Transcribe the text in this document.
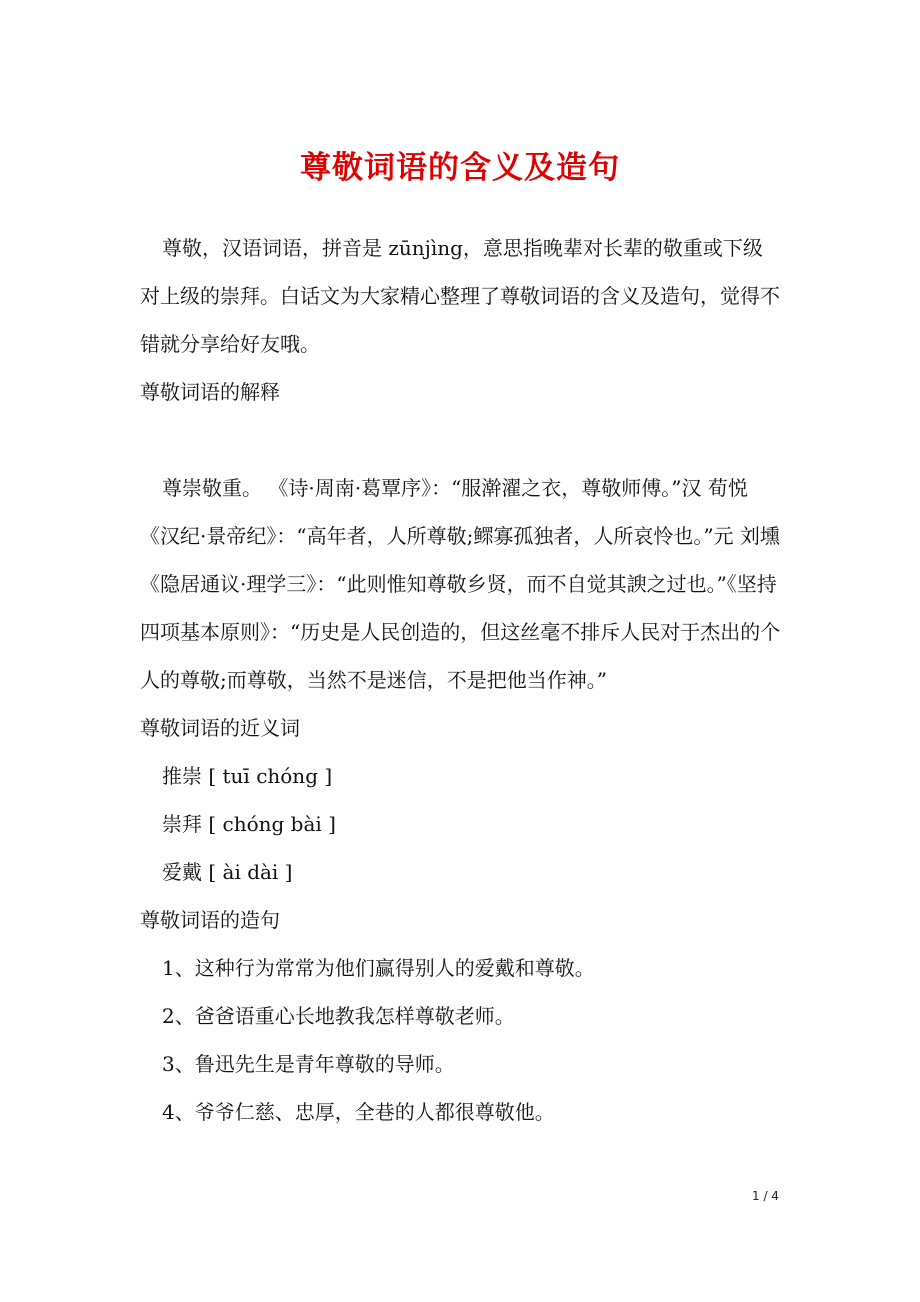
尊敬词语的含义及造句

尊敬，汉语词语，拼音是 zūnjìng，意思指晚辈对长辈的敬重或下级对上级的崇拜。白话文为大家精心整理了尊敬词语的含义及造句，觉得不错就分享给好友哦。

尊敬词语的解释

尊崇敬重。 《诗·周南·葛覃序》：“服澣濯之衣，尊敬师傅。”汉 荀悦 《汉纪·景帝纪》：“高年者，人所尊敬;鳏寡孤独者，人所哀怜也。”元 刘壎《隐居通议·理学三》：“此则惟知尊敬乡贤，而不自觉其諛之过也。”《坚持四项基本原则》：“历史是人民创造的，但这丝毫不排斥人民对于杰出的个人的尊敬;而尊敬，当然不是迷信，不是把他当作神。”

尊敬词语的近义词

推崇 [ tuī chóng ]

崇拜 [ chóng bài ]

爱戴 [ ài dài ]

尊敬词语的造句

1、这种行为常常为他们赢得别人的爱戴和尊敬。

2、爸爸语重心长地教我怎样尊敬老师。

3、鲁迅先生是青年尊敬的导师。

4、爷爷仁慈、忠厚，全巷的人都很尊敬他。

1 / 4
